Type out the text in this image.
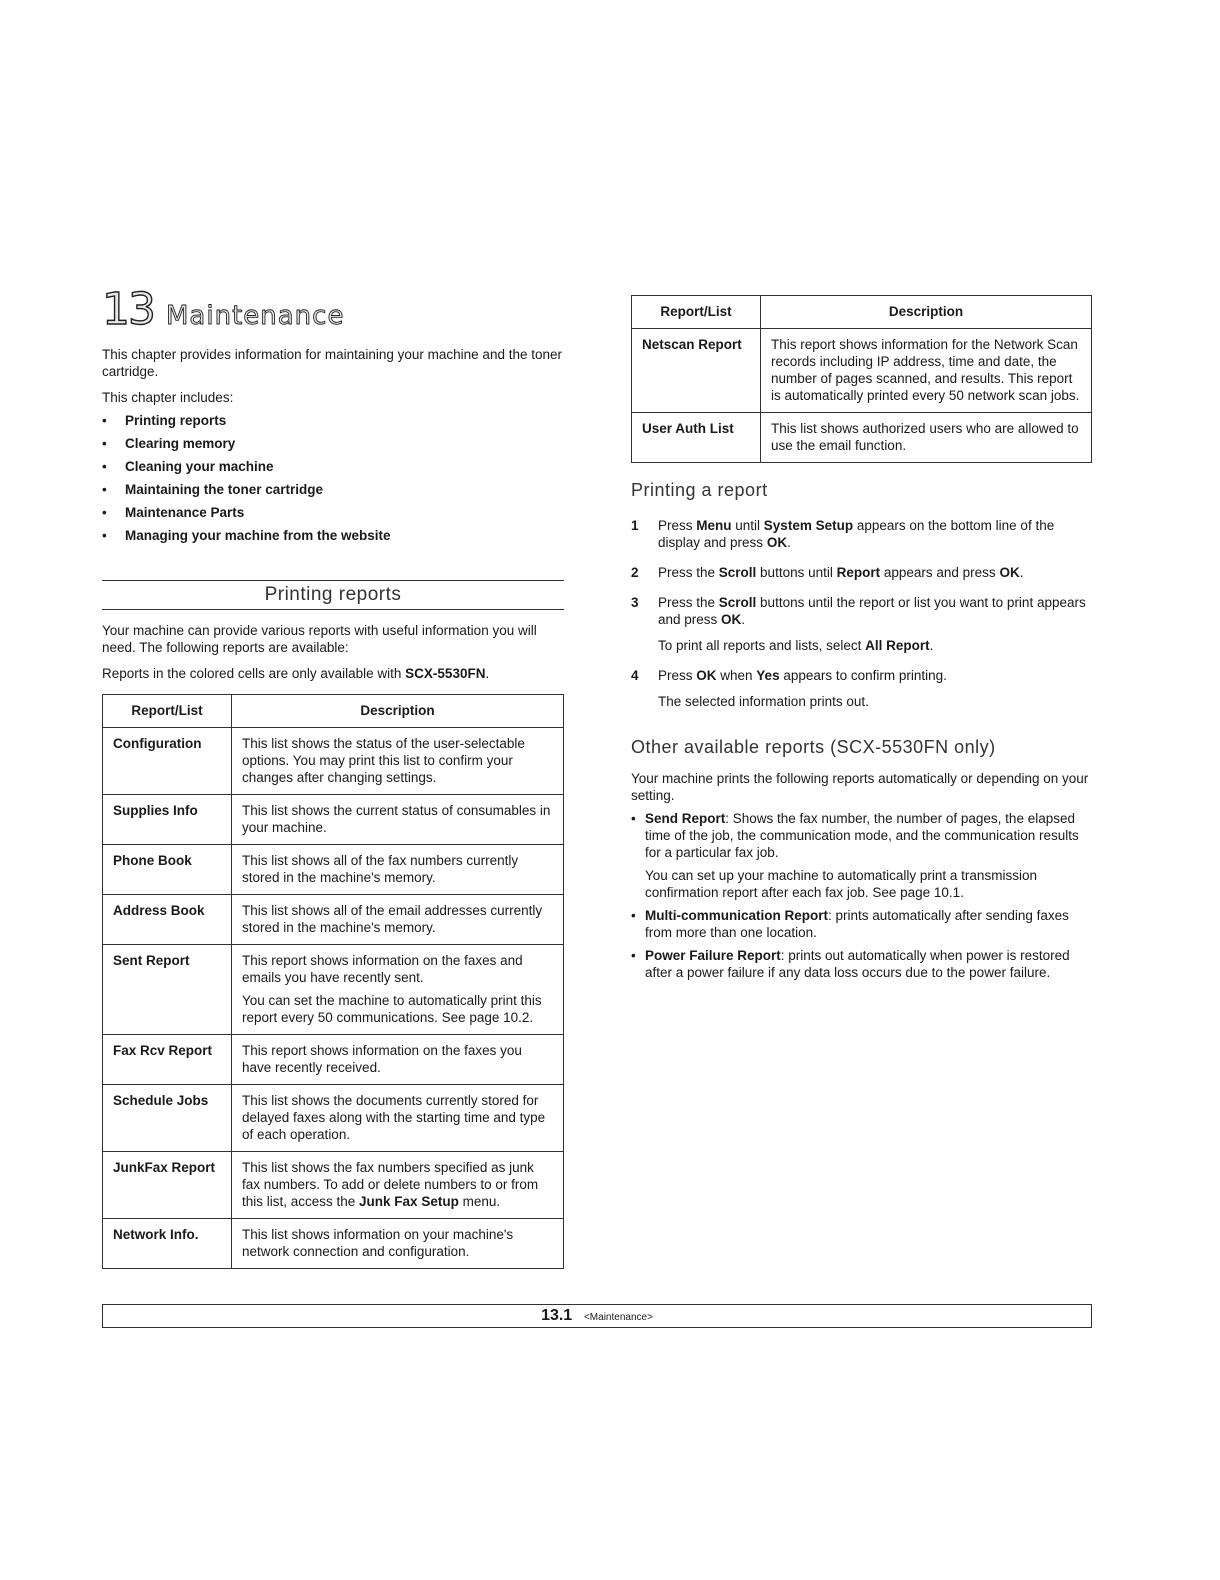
13 Maintenance

This chapter provides information for maintaining your machine and the toner cartridge.

This chapter includes:

• Printing reports
• Clearing memory
• Cleaning your machine
• Maintaining the toner cartridge
• Maintenance Parts
• Managing your machine from the website
Printing reports

Your machine can provide various reports with useful information you will need. The following reports are available:

Reports in the colored cells are only available with SCX-5530FN.

Report/List	Description
Configuration	This list shows the status of the user-selectable options. You may print this list to confirm your changes after changing settings.
Supplies Info	This list shows the current status of consumables in your machine.
Phone Book	This list shows all of the fax numbers currently stored in the machine's memory.
Address Book	This list shows all of the email addresses currently stored in the machine's memory.
Sent Report	This report shows information on the faxes and emails you have recently sent.

You can set the machine to automatically print this report every 50 communications. See page 10.2.

Fax Rcv Report	This report shows information on the faxes you have recently received.
Schedule Jobs	This list shows the documents currently stored for delayed faxes along with the starting time and type of each operation.
JunkFax Report	This list shows the fax numbers specified as junk fax numbers. To add or delete numbers to or from this list, access the Junk Fax Setup menu.
Network Info.	This list shows information on your machine's network connection and configuration.
Report/List	Description
Netscan Report	This report shows information for the Network Scan records including IP address, time and date, the number of pages scanned, and results. This report is automatically printed every 50 network scan jobs.
User Auth List	This list shows authorized users who are allowed to use the email function.
Printing a report
1 Press Menu until System Setup appears on the bottom line of the display and press OK.
2 Press the Scroll buttons until Report appears and press OK.
3 Press the Scroll buttons until the report or list you want to print appears and press OK.
To print all reports and lists, select All Report.
4 Press OK when Yes appears to confirm printing.
The selected information prints out.
Other available reports (SCX-5530FN only)

Your machine prints the following reports automatically or depending on your setting.

• Send Report: Shows the fax number, the number of pages, the elapsed time of the job, the communication mode, and the communication results for a particular fax job.
You can set up your machine to automatically print a transmission confirmation report after each fax job. See page 10.1.
• Multi-communication Report: prints automatically after sending faxes from more than one location.
• Power Failure Report: prints out automatically when power is restored after a power failure if any data loss occurs due to the power failure.
13.1 <Maintenance>
